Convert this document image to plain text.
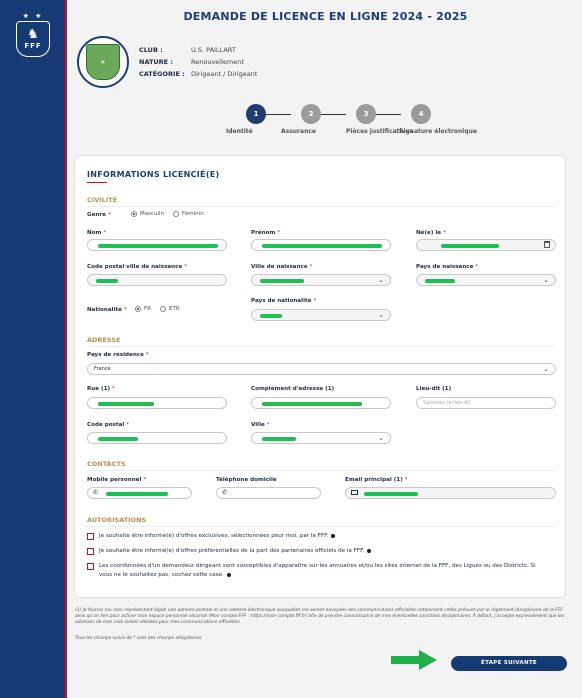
★ ★
♞
FFF
DEMANDE DE LICENCE EN LIGNE 2024 - 2025
⚜
CLUB :	U.S. PAILLART
NATURE :	Renouvellement
CATÉGORIE : Dirigeant / Dirigeant
1
Identité
2
Assurance
3
Pièces justificatives
4
Signature électronique
INFORMATIONS LICENCIÉ(E)
CIVILITÉ
Genre *	Masculin	Féminin
Nom *	Prénom *	Né(e) le *
Code postal ville de naissance *	Ville de naissance *
⌄
Pays de naissance *
⌄
Nationalité *	FR	ETR
Pays de nationalité *
⌄
ADRESSE
Pays de résidence *
France	⌄
Rue (1) *	Complément d'adresse (1)	Lieu-dit (1)
Saisissez le lieu-dit
Code postal *	Ville *
⌄
CONTACTS
Mobile personnel *
✆
Téléphone domicile
✆
Email principal (1) *
AUTORISATIONS
Je souhaite être informé(e) d'offres exclusives, sélectionnées pour moi, par la FFF.
Je souhaite être informé(e) d'offres préférentielles de la part des partenaires officiels de la FFF.
Les coordonnées d'un demandeur dirigeant sont susceptibles d'apparaître sur les annuaires et/ou les sites internet de la FFF, des Ligues ou des Districts. Si vous ne le souhaitez pas, cochez cette case.
(1) Je fournis (ou mon représentant légal) une adresse postale et une adresse électronique auxquelles me seront envoyées des communications officielles notamment celles prévues par le règlement disciplinaire de la FFF ainsi qu'un lien pour activer mon espace personnel sécurisé (Mon compte FFF : https://mon-compte.fff.fr) afin de prendre connaissance de mes éventuelles sanctions disciplinaires. À défaut, j'accepte expressément que les adresses de mon club soient utilisées pour mes communications officielles.
Tous les champs suivis de * sont des champs obligatoires.
ÉTAPE SUIVANTE
